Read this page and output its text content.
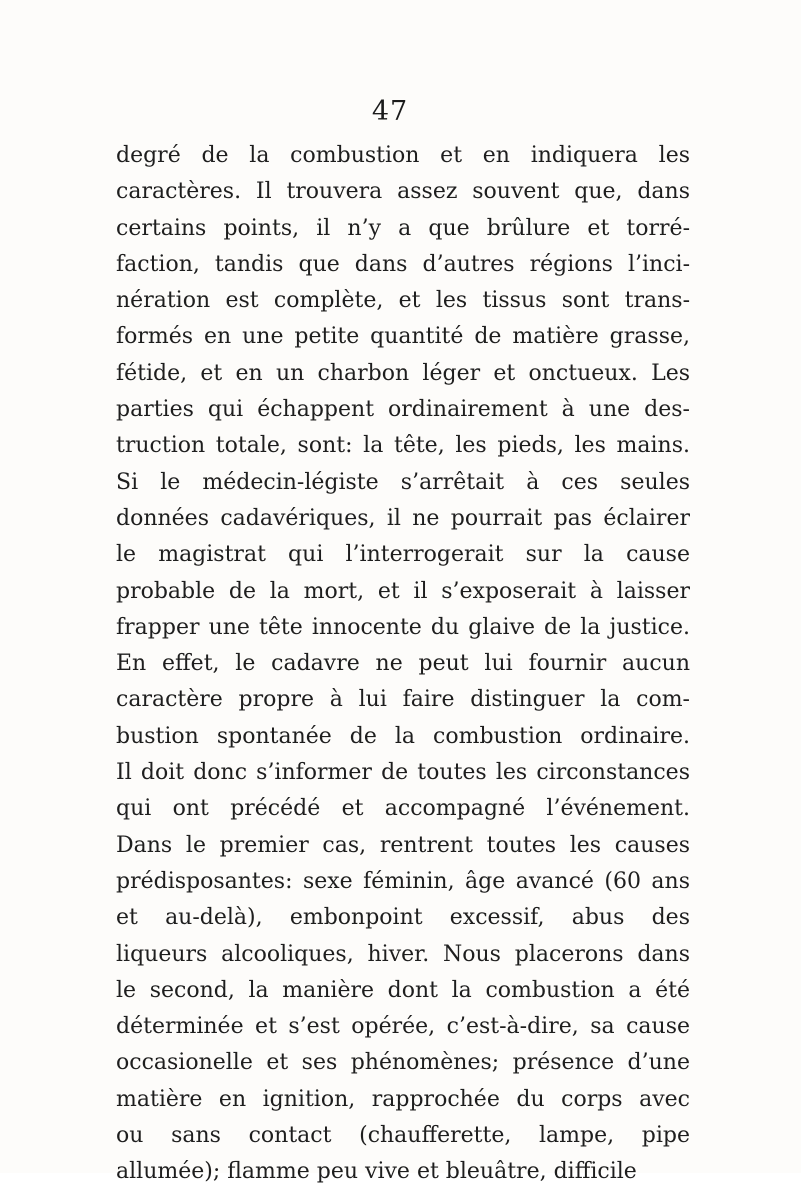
47
degré de la combustion et en indiquera les
caractères. Il trouvera assez souvent que, dans
certains points, il n’y a que brûlure et torré-
faction, tandis que dans d’autres régions l’inci-
nération est complète, et les tissus sont trans-
formés en une petite quantité de matière grasse,
fétide, et en un charbon léger et onctueux. Les
parties qui échappent ordinairement à une des-
truction totale, sont: la tête, les pieds, les mains.
Si le médecin-légiste s’arrêtait à ces seules
données cadavériques, il ne pourrait pas éclairer
le magistrat qui l’interrogerait sur la cause
probable de la mort, et il s’exposerait à laisser
frapper une tête innocente du glaive de la justice.
En effet, le cadavre ne peut lui fournir aucun
caractère propre à lui faire distinguer la com-
bustion spontanée de la combustion ordinaire.
Il doit donc s’informer de toutes les circonstances
qui ont précédé et accompagné l’événement.
Dans le premier cas, rentrent toutes les causes
prédisposantes: sexe féminin, âge avancé (60 ans
et au-delà), embonpoint excessif, abus des
liqueurs alcooliques, hiver. Nous placerons dans
le second, la manière dont la combustion a été
déterminée et s’est opérée, c’est-à-dire, sa cause
occasionelle et ses phénomènes; présence d’une
matière en ignition, rapprochée du corps avec
ou sans contact (chaufferette, lampe, pipe
allumée); flamme peu vive et bleuâtre, difficile
